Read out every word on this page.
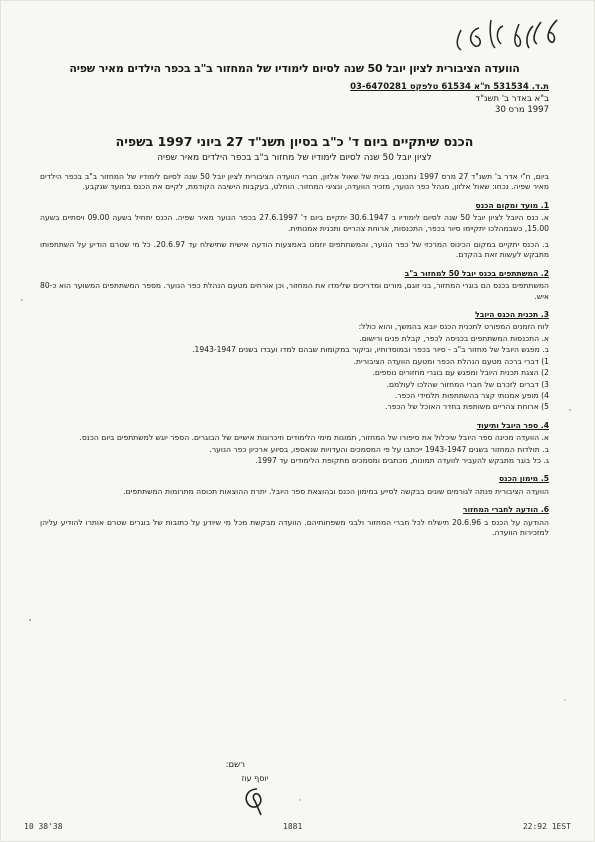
הוועדה הציבורית לציון יובל 50 שנה לסיום לימודיו של המחזור ב"ב בכפר הילדים מאיר שפיה
ת.ד. 531534 ת"א 61534 טלפקס 03-6470281
ב"א באדר ב' תשנ"ד
1997 מרס 30
הכנס שיתקיים ביום ד' כ"ב בסיון תשנ"ד 27 ביוני 1997 בשפיה
לציון יובל 50 שנה לסיום לימודיו של מחזור ב"ב בכפר הילדים מאיר שפיה

ביום, ח"י אדר ב' תשנ"ד 27 מרס 1997 נתכנסו, בבית של שאול אלזון, חברי הוועדה הציבורית לציון יובל 50 שנה לסיום לימודיו של המחזור ב"ב בכפר הילדים מאיר שפיה. נכחו: שאול אלזון, מנהל כפר הנוער, מזכיר הוועדה, ונציגי המחזור. הוחלט, בעקבות הישיבה הקודמת, לקיים את הכנס במועד שנקבע.

1. מועד ומקום הכנס

א. כנס היובל לציון יובל 50 שנה לסיום לימודיו ב 30.6.1947 יתקיים ביום ד' 27.6.1997 בכפר הנוער מאיר שפיה. הכנס יתחיל בשעה 09.00 ויסתיים בשעה 15.00, כשבמהלכו יתקיימו סיור בכפר, התכנסות, ארוחת צהריים ותכנית אמנותית.

ב. הכנס יתקיים במקום הכינוס המרכזי של כפר הנוער, והמשתתפים יוזמנו באמצעות הודעה אישית שתישלח עד 20.6.97. כל מי שטרם הודיע על השתתפותו מתבקש לעשות זאת בהקדם.

2. המשתתפים בכנס יובל 50 למחזור ב"ב

המשתתפים בכנס הם בוגרי המחזור, בני זוגם, מורים ומדריכים שלימדו את המחזור, וכן אורחים מטעם הנהלת כפר הנוער. מספר המשתתפים המשוער הוא כ-80 איש.

3. תכנית הכנס היובל

לוח הזמנים המפורט לתכנית הכנס יובא בהמשך, והוא כולל:

א. התכנסות המשתתפים בכניסה לכפר, קבלת פנים ורישום.

ב. מפגש היובל של מחזור ב"ב - סיור בכפר ובמוסדותיו, וביקור במקומות שבהם למדו ועבדו בשנים 1943-1947.

1) דברי ברכה מטעם הנהלת הכפר ומטעם הוועדה הציבורית.

2) הצגת תכנית היובל ומפגש עם בוגרי מחזורים נוספים.

3) דברים לזכרם של חברי המחזור שהלכו לעולמם.

4) מופע אמנותי קצר בהשתתפות תלמידי הכפר.

5) ארוחת צהריים משותפת בחדר האוכל של הכפר.

4. ספר היובל ותיעוד

א. הוועדה מכינה ספר היובל שיכלול את סיפורו של המחזור, תמונות מימי הלימודים וזיכרונות אישיים של הבוגרים. הספר יוגש למשתתפים ביום הכנס.

ב. תולדות המחזור בשנים 1943-1947 ייכתבו על פי המסמכים והעדויות שנאספו, בסיוע ארכיון כפר הנוער.

ג. כל בוגר מתבקש להעביר לוועדה תמונות, מכתבים ומסמכים מתקופת הלימודים עד 1997.

5. מימון הכנס

הוועדה הציבורית פנתה לגורמים שונים בבקשה לסייע במימון הכנס ובהוצאת ספר היובל. יתרת ההוצאות תכוסה מתרומות המשתתפים.

6. הודעה לחברי המחזור

ההודעה על הכנס ב 20.6.96 תישלח לכל חברי המחזור ולבני משפחותיהם. הוועדה מבקשת מכל מי שיודע על כתובות של בוגרים שטרם אותרו להודיע עליהן למזכירות הוועדה.

רשם:
יוסף עוז
10 38'38	1881	22:92 1EST
